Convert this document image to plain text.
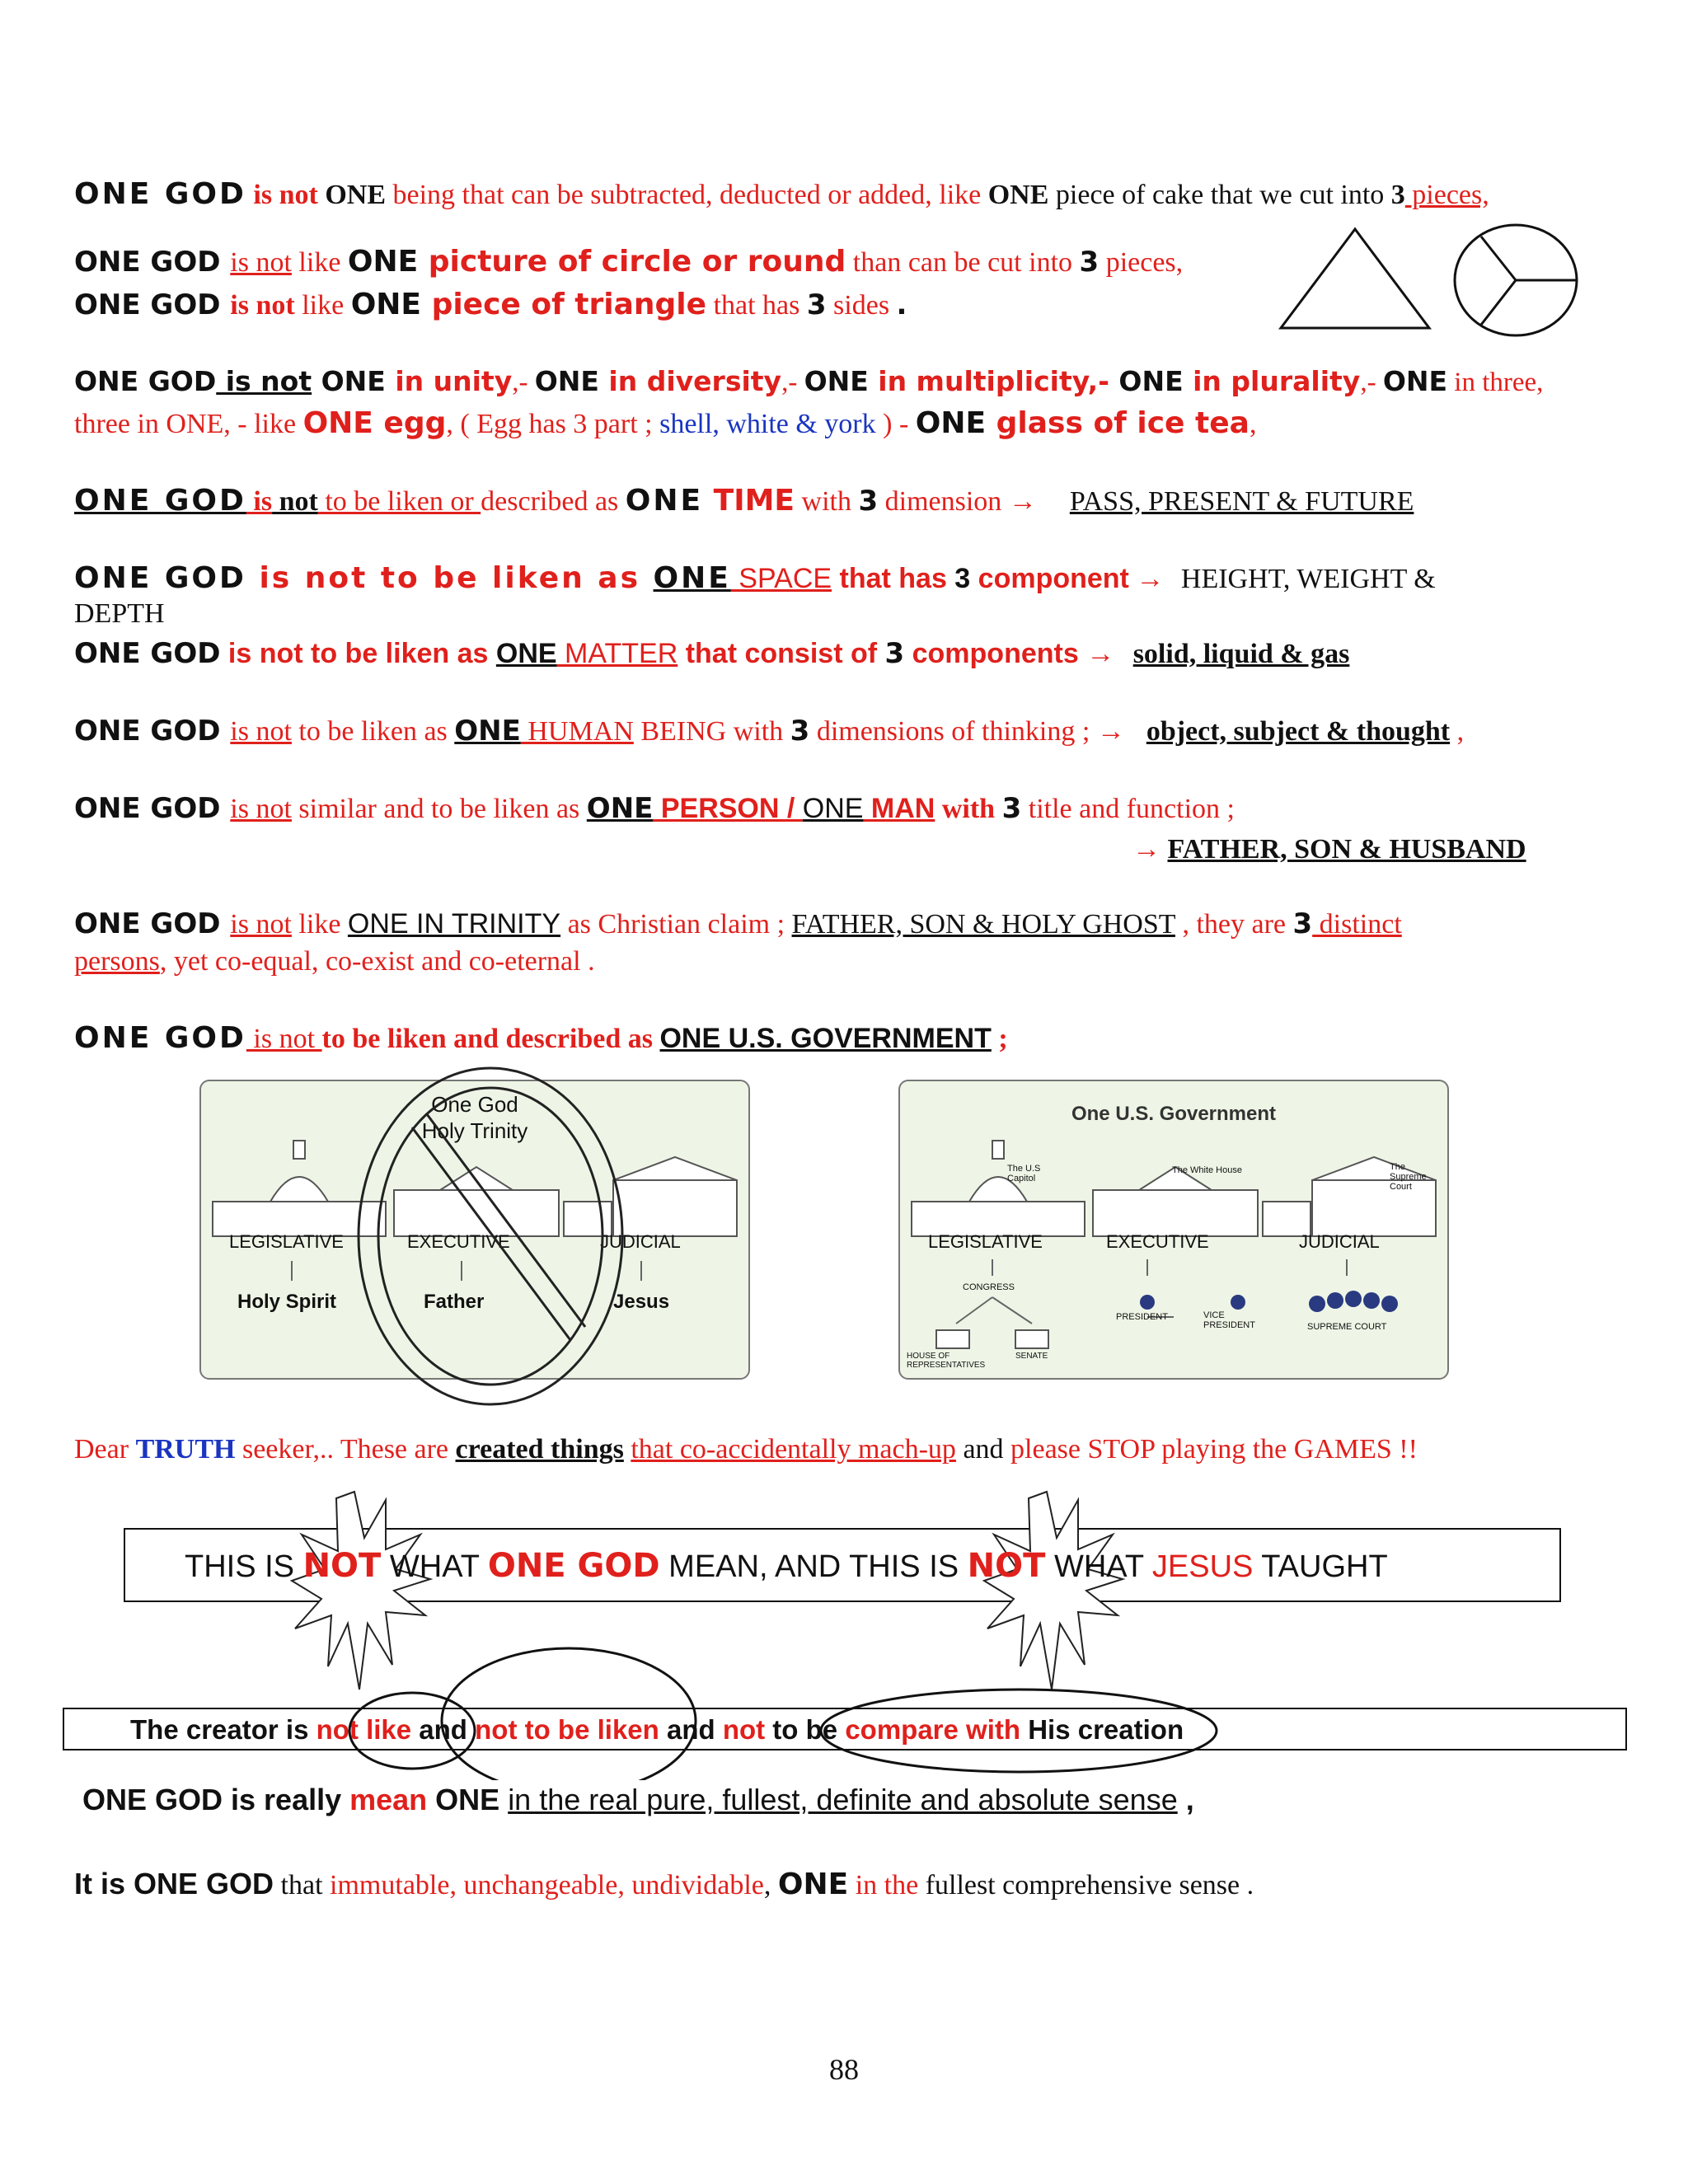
ONE GOD is not ONE being that can be subtracted, deducted or added, like ONE piece of cake that we cut into 3 pieces,
ONE GOD is not like ONE picture of circle or round than can be cut into 3 pieces,
ONE GOD is not like ONE piece of triangle that has 3 sides .
ONE GOD is not ONE in unity,- ONE in diversity,- ONE in multiplicity,- ONE in plurality,- ONE in three,
three in ONE, - like ONE egg, ( Egg has 3 part ; shell, white & york ) - ONE glass of ice tea,
ONE GOD is not to be liken or described as ONE TIME with 3 dimension → PASS, PRESENT & FUTURE
ONE GOD is not to be liken as ONE SPACE that has 3 component → HEIGHT, WEIGHT &
DEPTH
ONE GOD is not to be liken as ONE MATTER that consist of 3 components → solid, liquid & gas
ONE GOD is not to be liken as ONE HUMAN BEING with 3 dimensions of thinking ; → object, subject & thought ,
ONE GOD is not similar and to be liken as ONE PERSON / ONE MAN with 3 title and function ;
→ FATHER, SON & HUSBAND
ONE GOD is not like ONE IN TRINITY as Christian claim ; FATHER, SON & HOLY GHOST , they are 3 distinct
persons, yet co-equal, co-exist and co-eternal .
ONE GOD is not to be liken and described as ONE U.S. GOVERNMENT ;
One God
Holy Trinity
LEGISLATIVE	EXECUTIVE	JUDICIAL
Holy Spirit	Father	Jesus
One U.S. Government
The U.S Capitol
The White House	The Supreme Court
LEGISLATIVE	EXECUTIVE	JUDICIAL
CONGRESS
HOUSE OF REPRESENTATIVES
SENATE
PRESIDENT	VICE PRESIDENT	SUPREME COURT
Dear TRUTH seeker,.. These are created things that co-accidentally mach-up and please STOP playing the GAMES !!
THIS IS NOT WHAT ONE GOD MEAN, AND THIS IS NOT WHAT JESUS TAUGHT
The creator is not like and not to be liken and not to be compare with His creation
ONE GOD is really mean ONE in the real pure, fullest, definite and absolute sense ,
It is ONE GOD that immutable, unchangeable, undividable, ONE in the fullest comprehensive sense .
88
